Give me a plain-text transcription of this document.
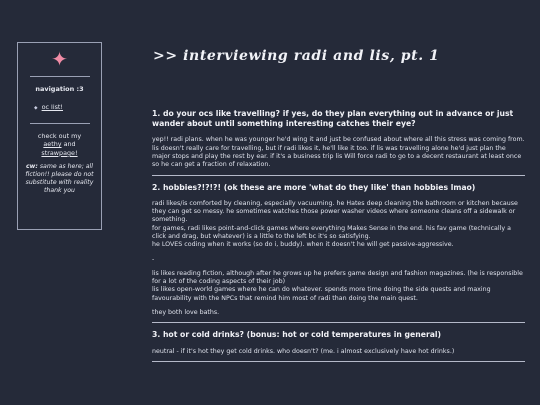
✦
navigation :3
◆ oc list!
check out my
aethy and
strawpage!
cw: same as here; all fiction!! please do not substitute with reality thank you
>> interviewing radi and lis, pt. 1
1. do your ocs like travelling? if yes, do they plan everything out in advance or just wander about until something interesting catches their eye?
yep!! radi plans. when he was younger he'd wing it and just be confused about where all this stress was coming from.
lis doesn't really care for travelling, but if radi likes it, he'll like it too. if lis was travelling alone he'd just plan the major stops and play the rest by ear. if it's a business trip lis Will force radi to go to a decent restaurant at least once so he can get a fraction of relaxation.
2. hobbies?!?!?! (ok these are more 'what do they like' than hobbies lmao)
radi likes/is comforted by cleaning, especially vacuuming. he Hates deep cleaning the bathroom or kitchen because they can get so messy. he sometimes watches those power washer videos where someone cleans off a sidewalk or something.
for games, radi likes point-and-click games where everything Makes Sense in the end. his fav game (technically a click and drag, but whatever) is a little to the left bc it's so satisfying.
he LOVES coding when it works (so do i, buddy). when it doesn't he will get passive-aggressive.
-
lis likes reading fiction, although after he grows up he prefers game design and fashion magazines. (he is responsible for a lot of the coding aspects of their job)
lis likes open-world games where he can do whatever. spends more time doing the side quests and maxing favourability with the NPCs that remind him most of radi than doing the main quest.
they both love baths.
3. hot or cold drinks? (bonus: hot or cold temperatures in general)
neutral - if it's hot they get cold drinks. who doesn't? (me. i almost exclusively have hot drinks.)
